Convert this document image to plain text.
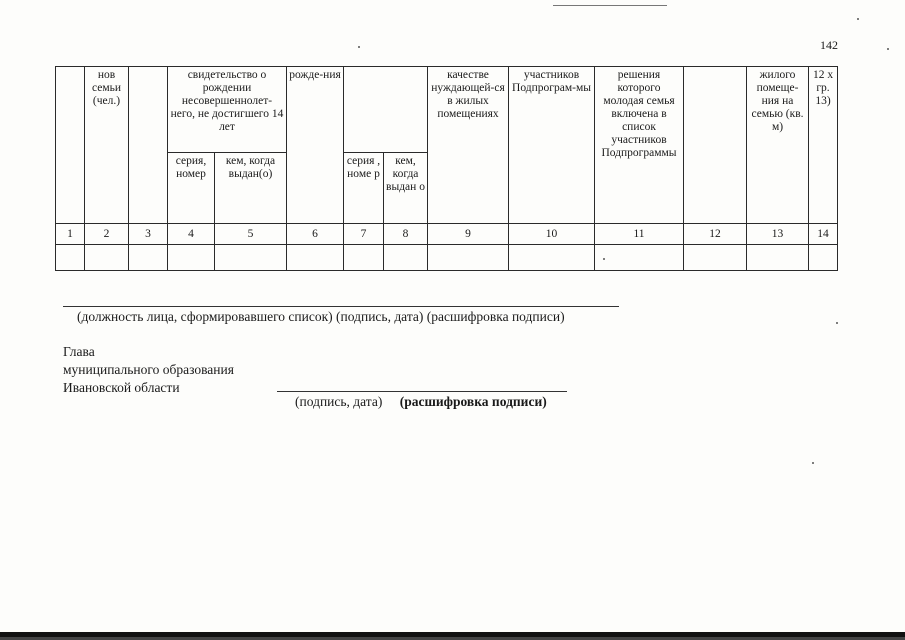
142
	нов семьи (чел.)		свидетельство о рождении несовершеннолет-него, не достигшего 14 лет		рожде-ния			качестве нуждающей-ся в жилых помещениях	участников Подпрограм-мы	решения которого молодая семья включена в список участников Подпрограммы		жилого помеще-ния на семью (кв. м)	12 х гр. 13)
			серия, номер	кем, когда выдан(о)		серия , номе р	кем, когда выдан о						
1	2	3	4	5	6	7	8	9	10	11	12	13	14

(должность лица, сформировавшего список) (подпись, дата) (расшифровка подписи)
Глава
муниципального образования
Ивановской области
(подпись, дата) (расшифровка подписи)
